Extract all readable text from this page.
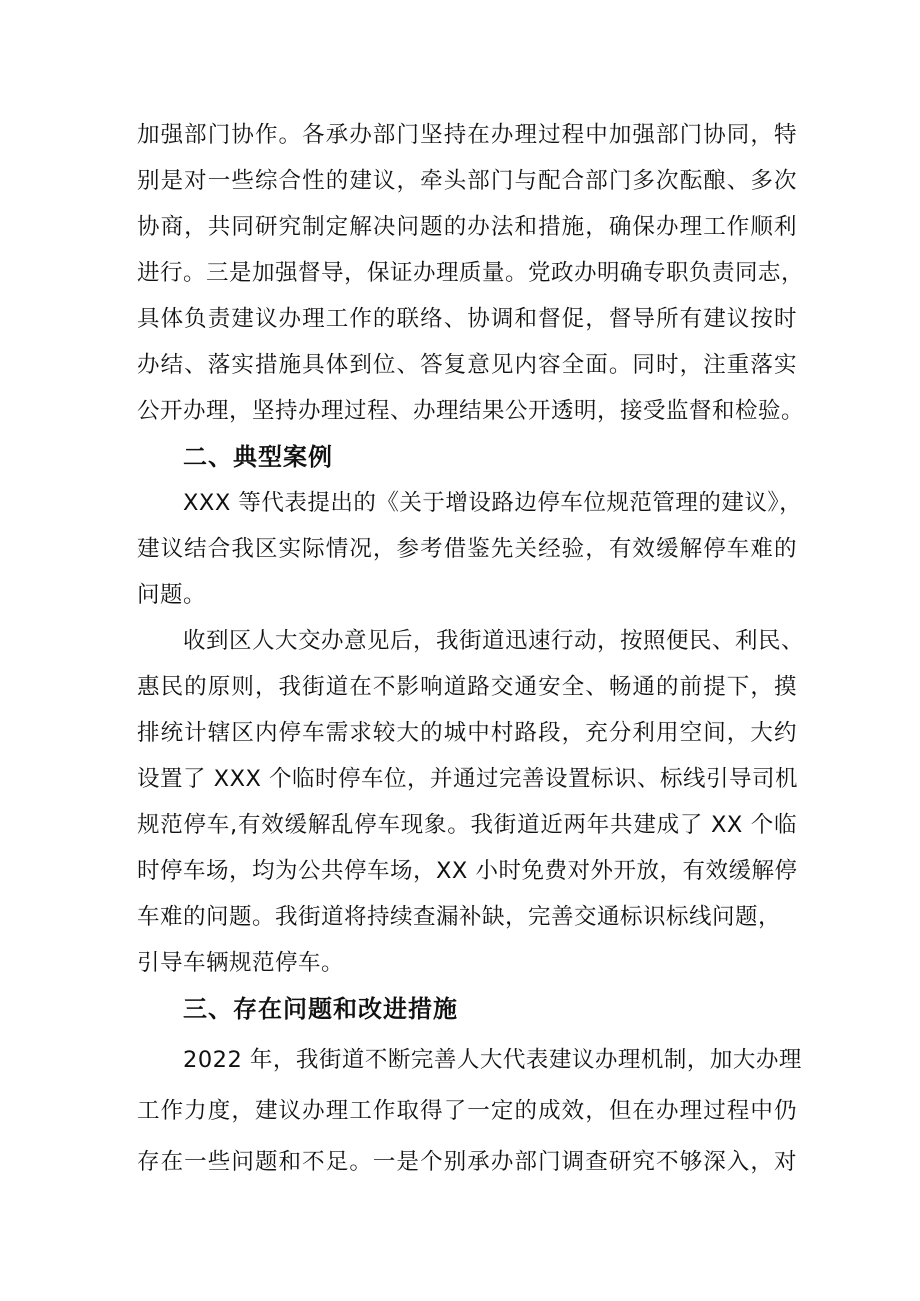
加强部门协作。各承办部门坚持在办理过程中加强部门协同，特
别是对一些综合性的建议，牵头部门与配合部门多次酝酿、多次
协商，共同研究制定解决问题的办法和措施，确保办理工作顺利
进行。三是加强督导，保证办理质量。党政办明确专职负责同志，
具体负责建议办理工作的联络、协调和督促，督导所有建议按时
办结、落实措施具体到位、答复意见内容全面。同时，注重落实
公开办理，坚持办理过程、办理结果公开透明，接受监督和检验。
二、典型案例
XXX 等代表提出的《关于增设路边停车位规范管理的建议》，
建议结合我区实际情况，参考借鉴先关经验，有效缓解停车难的
问题。
收到区人大交办意见后，我街道迅速行动，按照便民、利民、
惠民的原则，我街道在不影响道路交通安全、畅通的前提下，摸
排统计辖区内停车需求较大的城中村路段，充分利用空间，大约
设置了 XXX 个临时停车位，并通过完善设置标识、标线引导司机
规范停车,有效缓解乱停车现象。我街道近两年共建成了 XX 个临
时停车场，均为公共停车场，XX 小时免费对外开放，有效缓解停
车难的问题。我街道将持续查漏补缺，完善交通标识标线问题，
引导车辆规范停车。
三、存在问题和改进措施
2022 年，我街道不断完善人大代表建议办理机制，加大办理
工作力度，建议办理工作取得了一定的成效，但在办理过程中仍
存在一些问题和不足。一是个别承办部门调查研究不够深入，对
